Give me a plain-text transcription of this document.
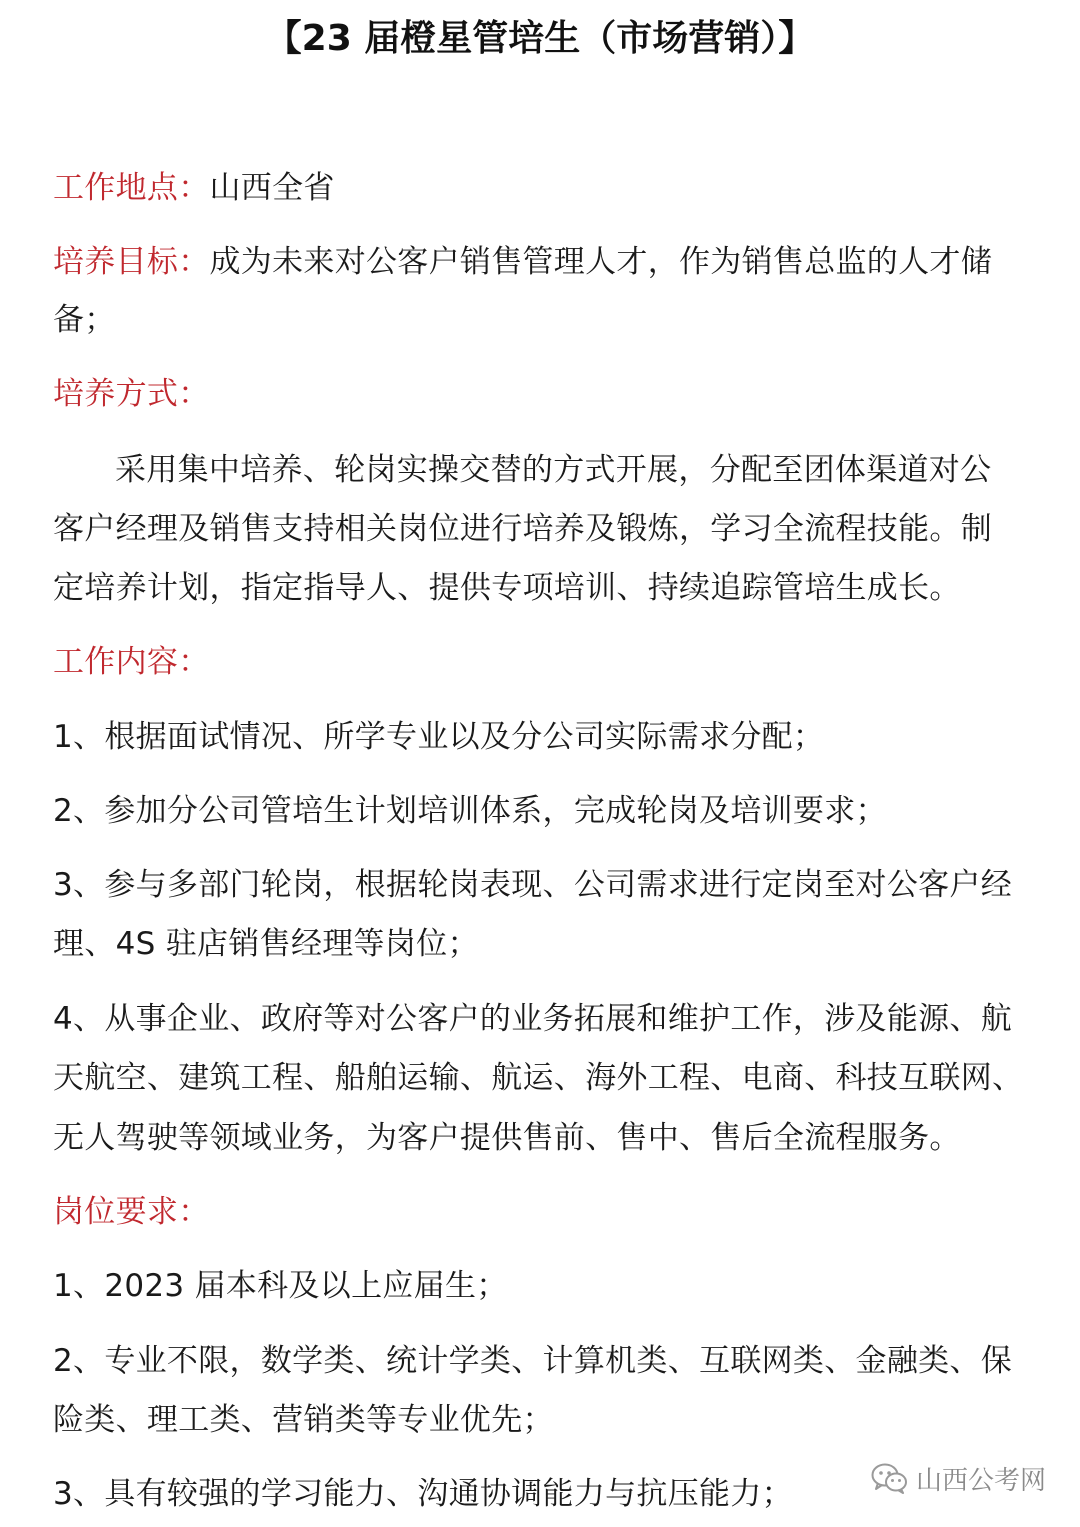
【23 届橙星管培生（市场营销）】
工作地点：山西全省
培养目标：成为未来对公客户销售管理人才，作为销售总监的人才储
备；
培养方式：
采用集中培养、轮岗实操交替的方式开展，分配至团体渠道对公
客户经理及销售支持相关岗位进行培养及锻炼，学习全流程技能。制
定培养计划，指定指导人、提供专项培训、持续追踪管培生成长。
工作内容：
1、根据面试情况、所学专业以及分公司实际需求分配；
2、参加分公司管培生计划培训体系，完成轮岗及培训要求；
3、参与多部门轮岗，根据轮岗表现、公司需求进行定岗至对公客户经
理、4S 驻店销售经理等岗位；
4、从事企业、政府等对公客户的业务拓展和维护工作，涉及能源、航
天航空、建筑工程、船舶运输、航运、海外工程、电商、科技互联网、
无人驾驶等领域业务，为客户提供售前、售中、售后全流程服务。
岗位要求：
1、2023 届本科及以上应届生；
2、专业不限，数学类、统计学类、计算机类、互联网类、金融类、保
险类、理工类、营销类等专业优先；
3、具有较强的学习能力、沟通协调能力与抗压能力；	山西公考网
